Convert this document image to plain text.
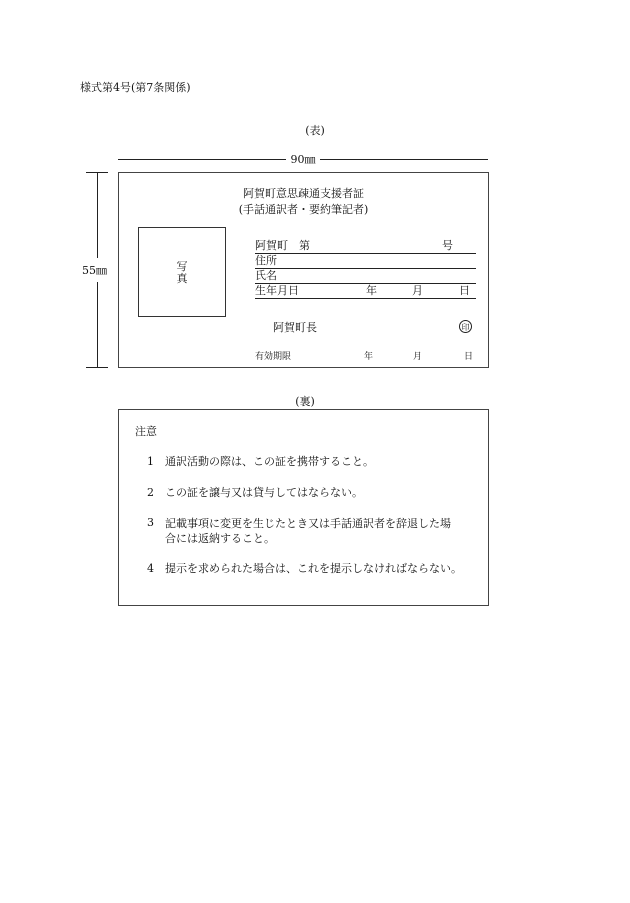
様式第4号(第7条関係)
(表)
90㎜
55㎜
阿賀町意思疎通支援者証
(手話通訳者・要約筆記者)
写
真
阿賀町　第	号
住所
氏名
生年月日	年	月	日
阿賀町長	印
有効期限	年	月	日
(裏)
注意
1 通訳活動の際は、この証を携帯すること。
2 この証を譲与又は貸与してはならない。
3 記載事項に変更を生じたとき又は手話通訳者を辞退した場
合には返納すること。
4 提示を求められた場合は、これを提示しなければならない。
